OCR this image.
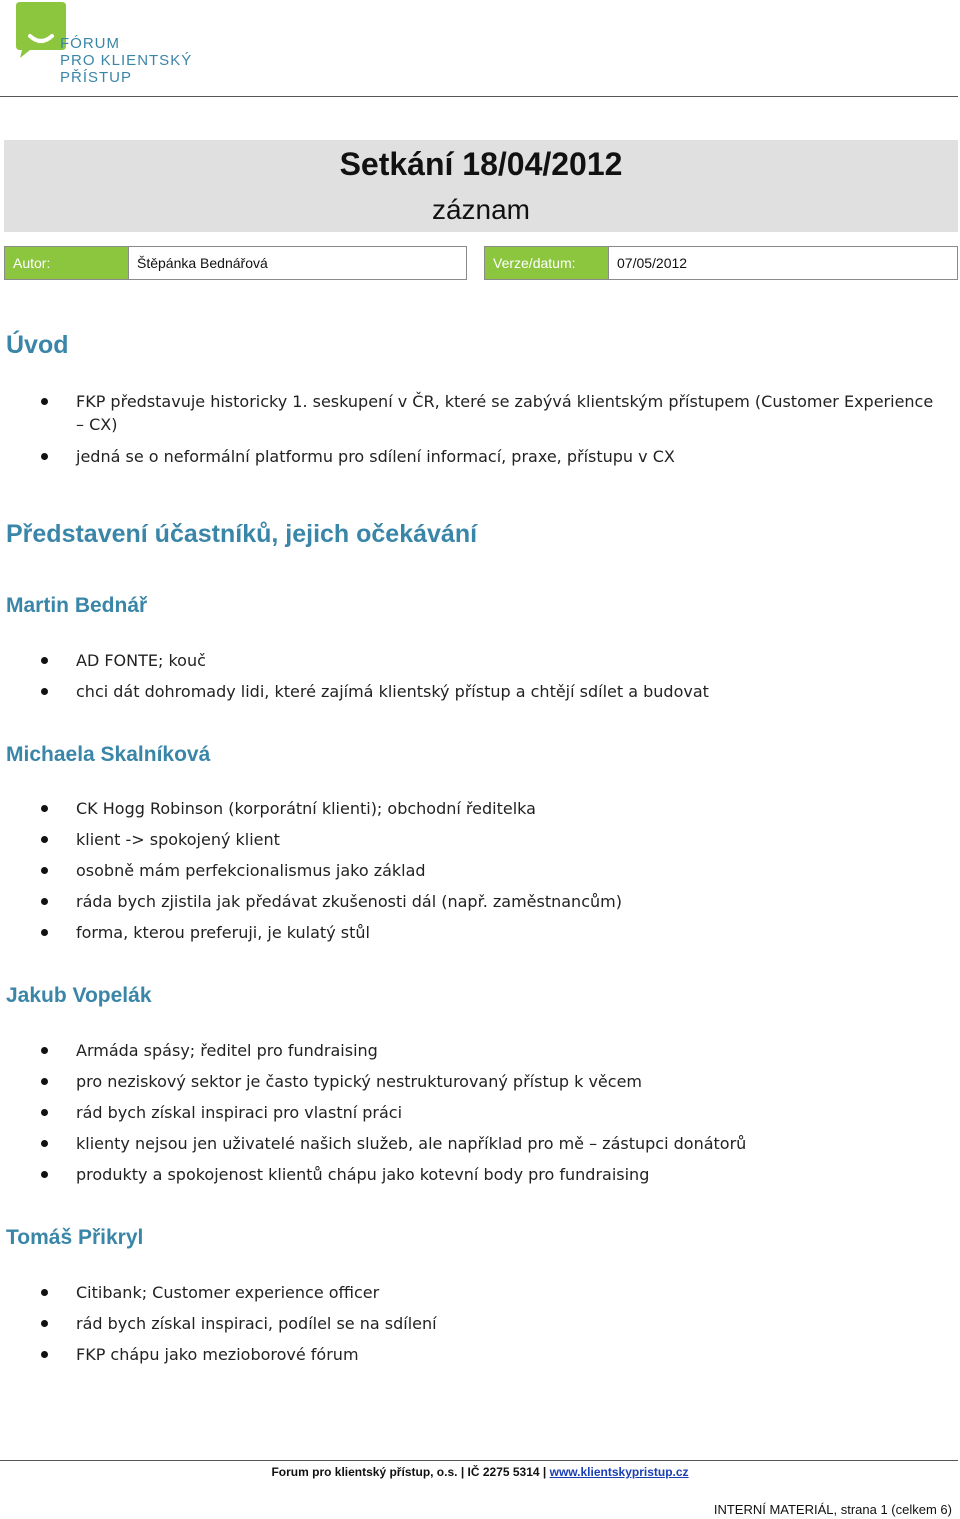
FÓRUM
PRO KLIENTSKÝ
PŘÍSTUP
Setkání 18/04/2012
záznam
Autor:	Štěpánka Bednářová	Verze/datum:	07/05/2012
Úvod
FKP představuje historicky 1. seskupení v ČR, které se zabývá klientským přístupem (Customer Experience – CX)
jedná se o neformální platformu pro sdílení informací, praxe, přístupu v CX
Představení účastníků, jejich očekávání
Martin Bednář
AD FONTE; kouč
chci dát dohromady lidi, které zajímá klientský přístup a chtějí sdílet a budovat
Michaela Skalníková
CK Hogg Robinson (korporátní klienti); obchodní ředitelka
klient -> spokojený klient
osobně mám perfekcionalismus jako základ
ráda bych zjistila jak předávat zkušenosti dál (např. zaměstnancům)
forma, kterou preferuji, je kulatý stůl
Jakub Vopelák
Armáda spásy; ředitel pro fundraising
pro neziskový sektor je často typický nestrukturovaný přístup k věcem
rád bych získal inspiraci pro vlastní práci
klienty nejsou jen uživatelé našich služeb, ale například pro mě – zástupci donátorů
produkty a spokojenost klientů chápu jako kotevní body pro fundraising
Tomáš Přikryl
Citibank; Customer experience officer
rád bych získal inspiraci, podílel se na sdílení
FKP chápu jako mezioborové fórum
Forum pro klientský přístup, o.s. | IČ 2275 5314 | www.klientskypristup.cz
INTERNÍ MATERIÁL, strana 1 (celkem 6)
